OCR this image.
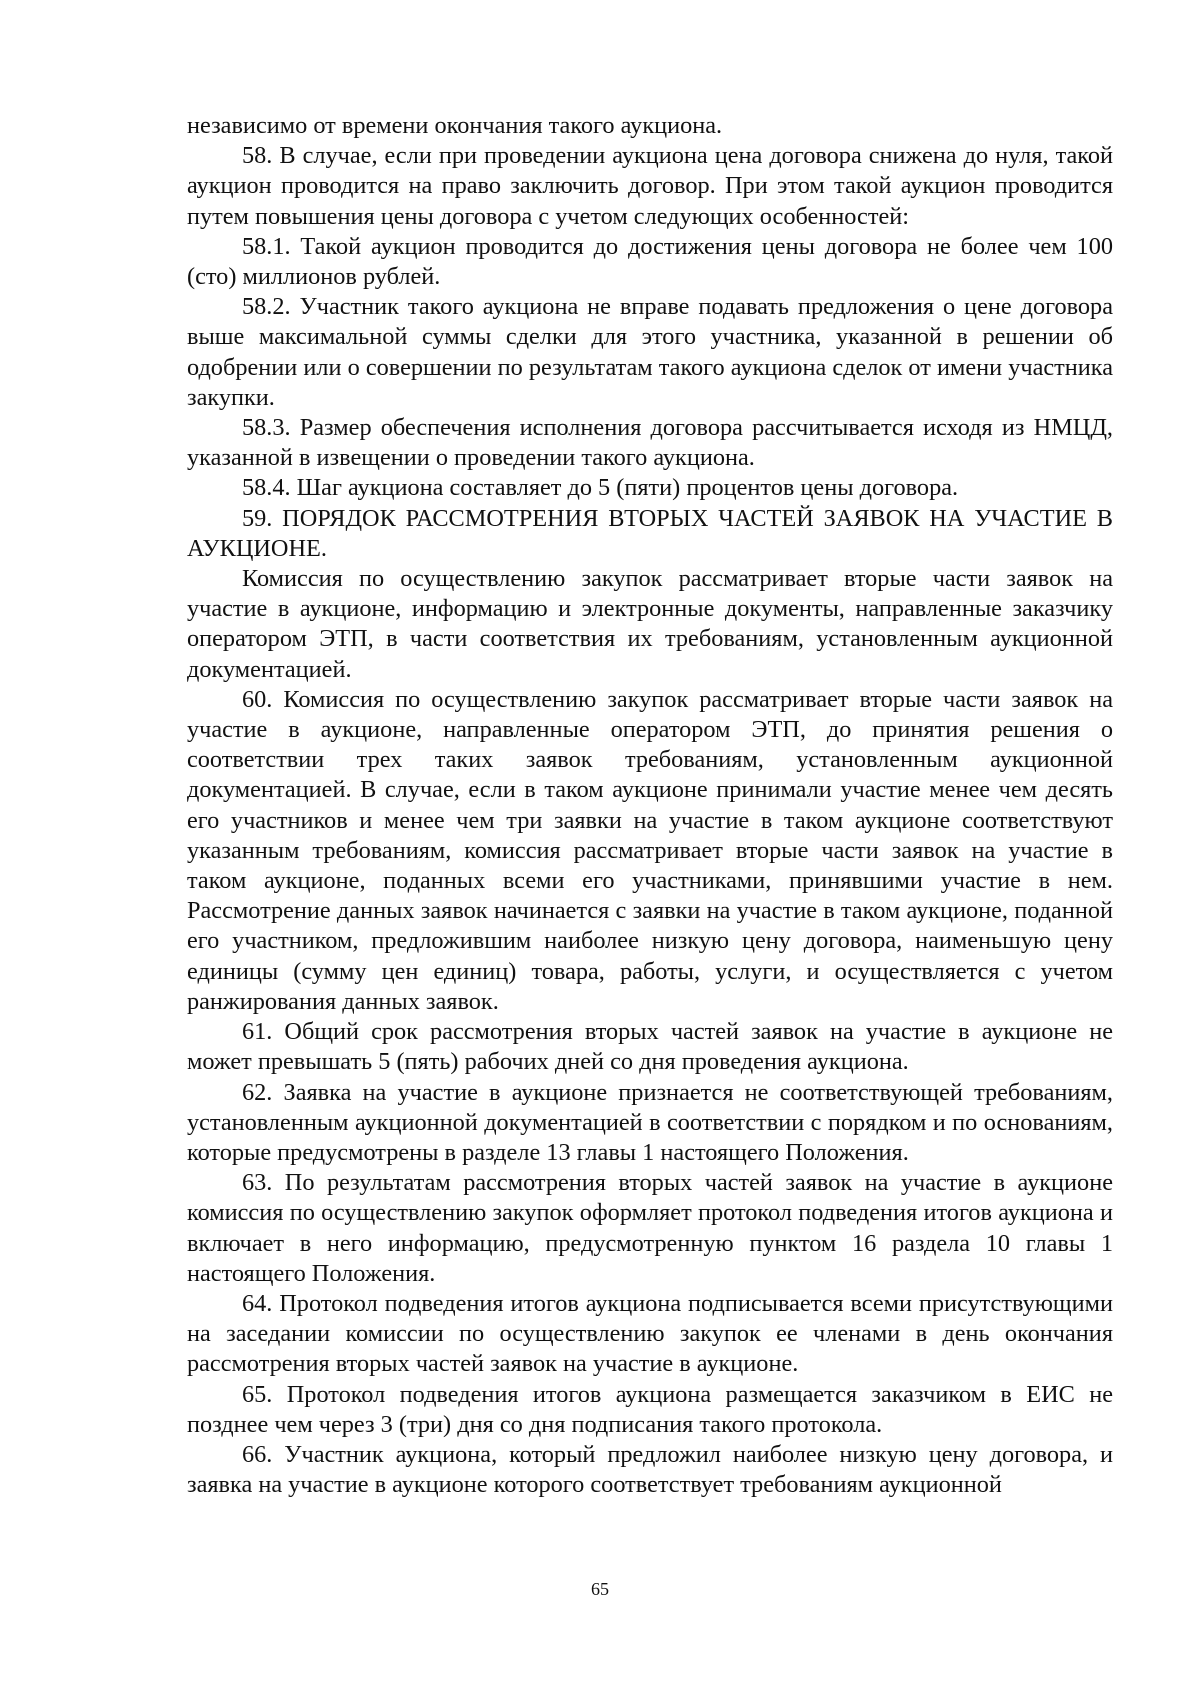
независимо от времени окончания такого аукциона.

58. В случае, если при проведении аукциона цена договора снижена до нуля, такой аукцион проводится на право заключить договор. При этом такой аукцион проводится путем повышения цены договора с учетом следующих особенностей:

58.1. Такой аукцион проводится до достижения цены договора не более чем 100 (сто) миллионов рублей.

58.2. Участник такого аукциона не вправе подавать предложения о цене договора выше максимальной суммы сделки для этого участника, указанной в решении об одобрении или о совершении по результатам такого аукциона сделок от имени участника закупки.

58.3. Размер обеспечения исполнения договора рассчитывается исходя из НМЦД, указанной в извещении о проведении такого аукциона.

58.4. Шаг аукциона составляет до 5 (пяти) процентов цены договора.

59. ПОРЯДОК РАССМОТРЕНИЯ ВТОРЫХ ЧАСТЕЙ ЗАЯВОК НА УЧАСТИЕ В АУКЦИОНЕ.

Комиссия по осуществлению закупок рассматривает вторые части заявок на участие в аукционе, информацию и электронные документы, направленные заказчику оператором ЭТП, в части соответствия их требованиям, установленным аукционной документацией.

60. Комиссия по осуществлению закупок рассматривает вторые части заявок на участие в аукционе, направленные оператором ЭТП, до принятия решения о соответствии трех таких заявок требованиям, установленным аукционной документацией. В случае, если в таком аукционе принимали участие менее чем десять его участников и менее чем три заявки на участие в таком аукционе соответствуют указанным требованиям, комиссия рассматривает вторые части заявок на участие в таком аукционе, поданных всеми его участниками, принявшими участие в нем. Рассмотрение данных заявок начинается с заявки на участие в таком аукционе, поданной его участником, предложившим наиболее низкую цену договора, наименьшую цену единицы (сумму цен единиц) товара, работы, услуги, и осуществляется с учетом ранжирования данных заявок.

61. Общий срок рассмотрения вторых частей заявок на участие в аукционе не может превышать 5 (пять) рабочих дней со дня проведения аукциона.

62. Заявка на участие в аукционе признается не соответствующей требованиям, установленным аукционной документацией в соответствии с порядком и по основаниям, которые предусмотрены в разделе 13 главы 1 настоящего Положения.

63. По результатам рассмотрения вторых частей заявок на участие в аукционе комиссия по осуществлению закупок оформляет протокол подведения итогов аукциона и включает в него информацию, предусмотренную пунктом 16 раздела 10 главы 1 настоящего Положения.

64. Протокол подведения итогов аукциона подписывается всеми присутствующими на заседании комиссии по осуществлению закупок ее членами в день окончания рассмотрения вторых частей заявок на участие в аукционе.

65. Протокол подведения итогов аукциона размещается заказчиком в ЕИС не позднее чем через 3 (три) дня со дня подписания такого протокола.

66. Участник аукциона, который предложил наиболее низкую цену договора, и заявка на участие в аукционе которого соответствует требованиям аукционной

65
